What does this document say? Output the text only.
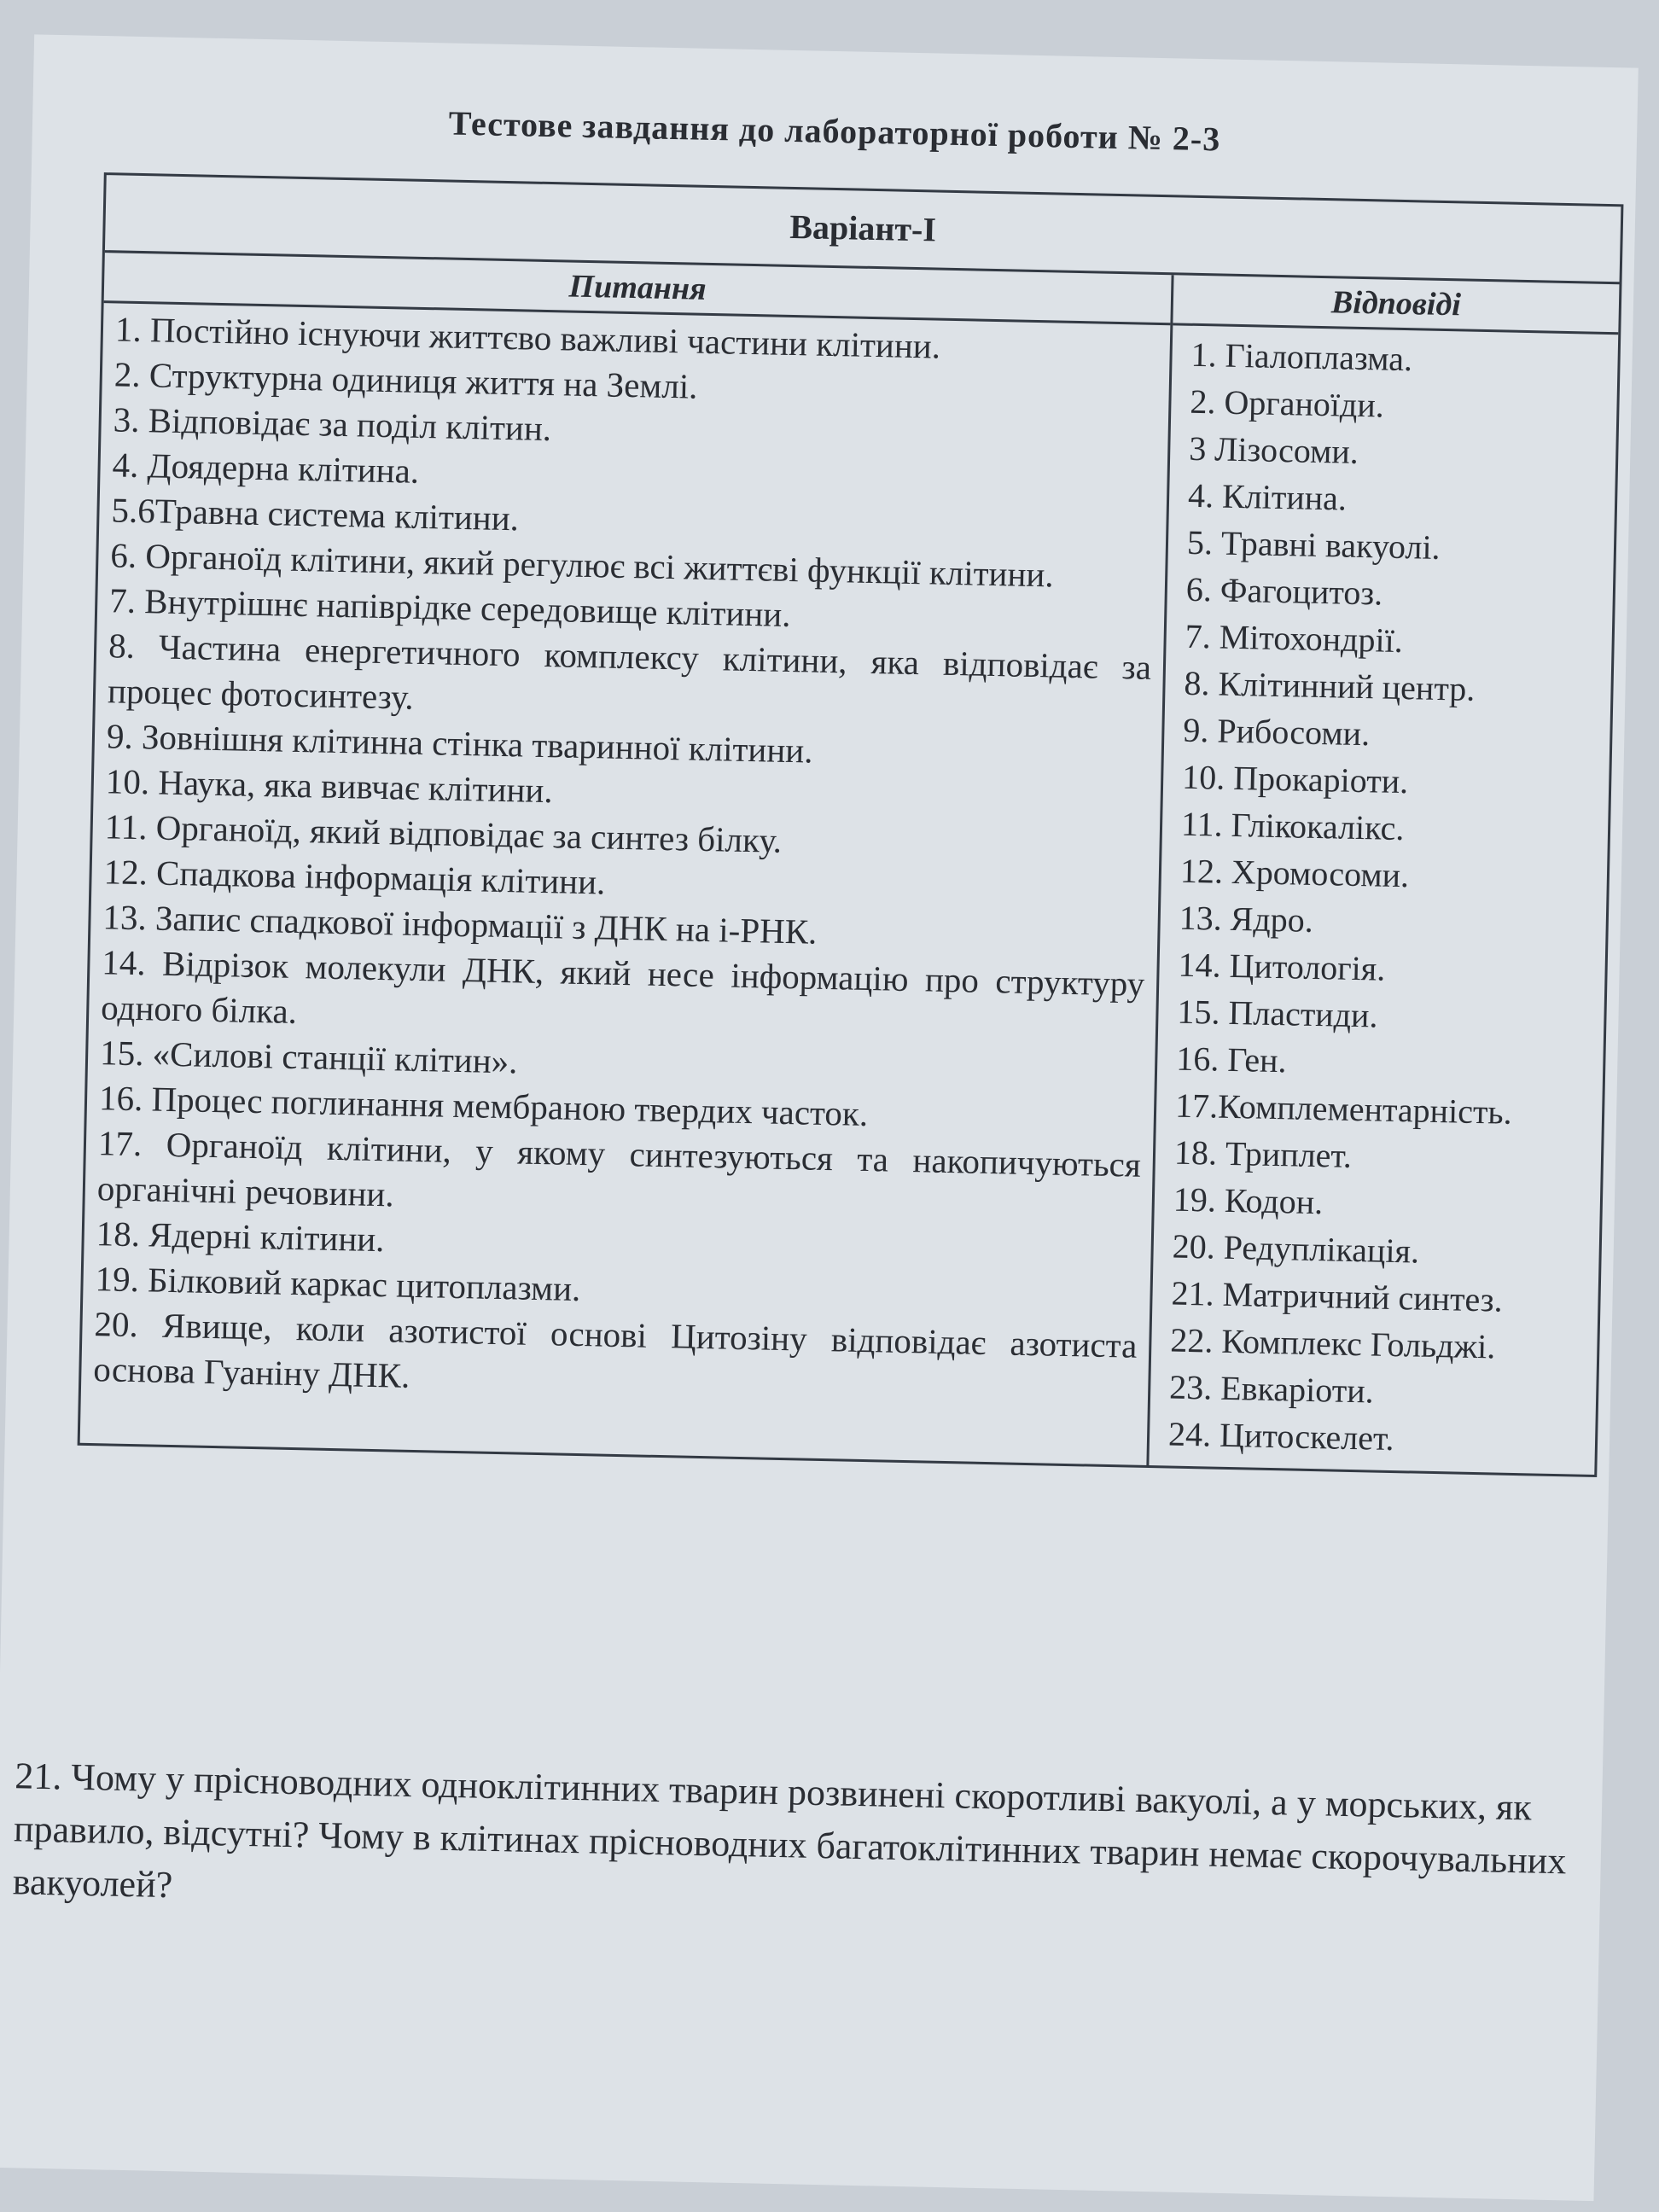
Тестове завдання до лабораторної роботи № 2-3
Варіант-І
Питання
1. Постійно існуючи життєво важливі частини клітини.
2. Структурна одиниця життя на Землі.
3. Відповідає за поділ клітин.
4. Доядерна клітина.
5.6Травна система клітини.
6. Органоїд клітини, який регулює всі життєві функції клітини.
7. Внутрішнє напіврідке середовище клітини.
8. Частина енергетичного комплексу клітини, яка відповідає за процес фотосинтезу.
9. Зовнішня клітинна стінка тваринної клітини.
10. Наука, яка вивчає клітини.
11. Органоїд, який відповідає за синтез білку.
12. Спадкова інформація клітини.
13. Запис спадкової інформації з ДНК на і-РНК.
14. Відрізок молекули ДНК, який несе інформацію про структуру одного білка.
15. «Силові станції клітин».
16. Процес поглинання мембраною твердих часток.
17. Органоїд клітини, у якому синтезуються та накопичуються органічні речовини.
18. Ядерні клітини.
19. Білковий каркас цитоплазми.
20. Явище, коли азотистої основі Цитозіну відповідає азотиста основа Гуаніну ДНК.
Відповіді
1. Гіалоплазма.
2. Органоїди.
3 Лізосоми.
4. Клітина.
5. Травні вакуолі.
6. Фагоцитоз.
7. Мітохондрії.
8. Клітинний центр.
9. Рибосоми.
10. Прокаріоти.
11. Глікокалікс.
12. Хромосоми.
13. Ядро.
14. Цитологія.
15. Пластиди.
16. Ген.
17.Комплементарність.
18. Триплет.
19. Кодон.
20. Редуплікація.
21. Матричний синтез.
22. Комплекс Гольджі.
23. Евкаріоти.
24. Цитоскелет.
21. Чому у прісноводних одноклітинних тварин розвинені скоротливі вакуолі, а у морських, як правило, відсутні? Чому в клітинах прісноводних багатоклітинних тварин немає скорочувальних вакуолей?
